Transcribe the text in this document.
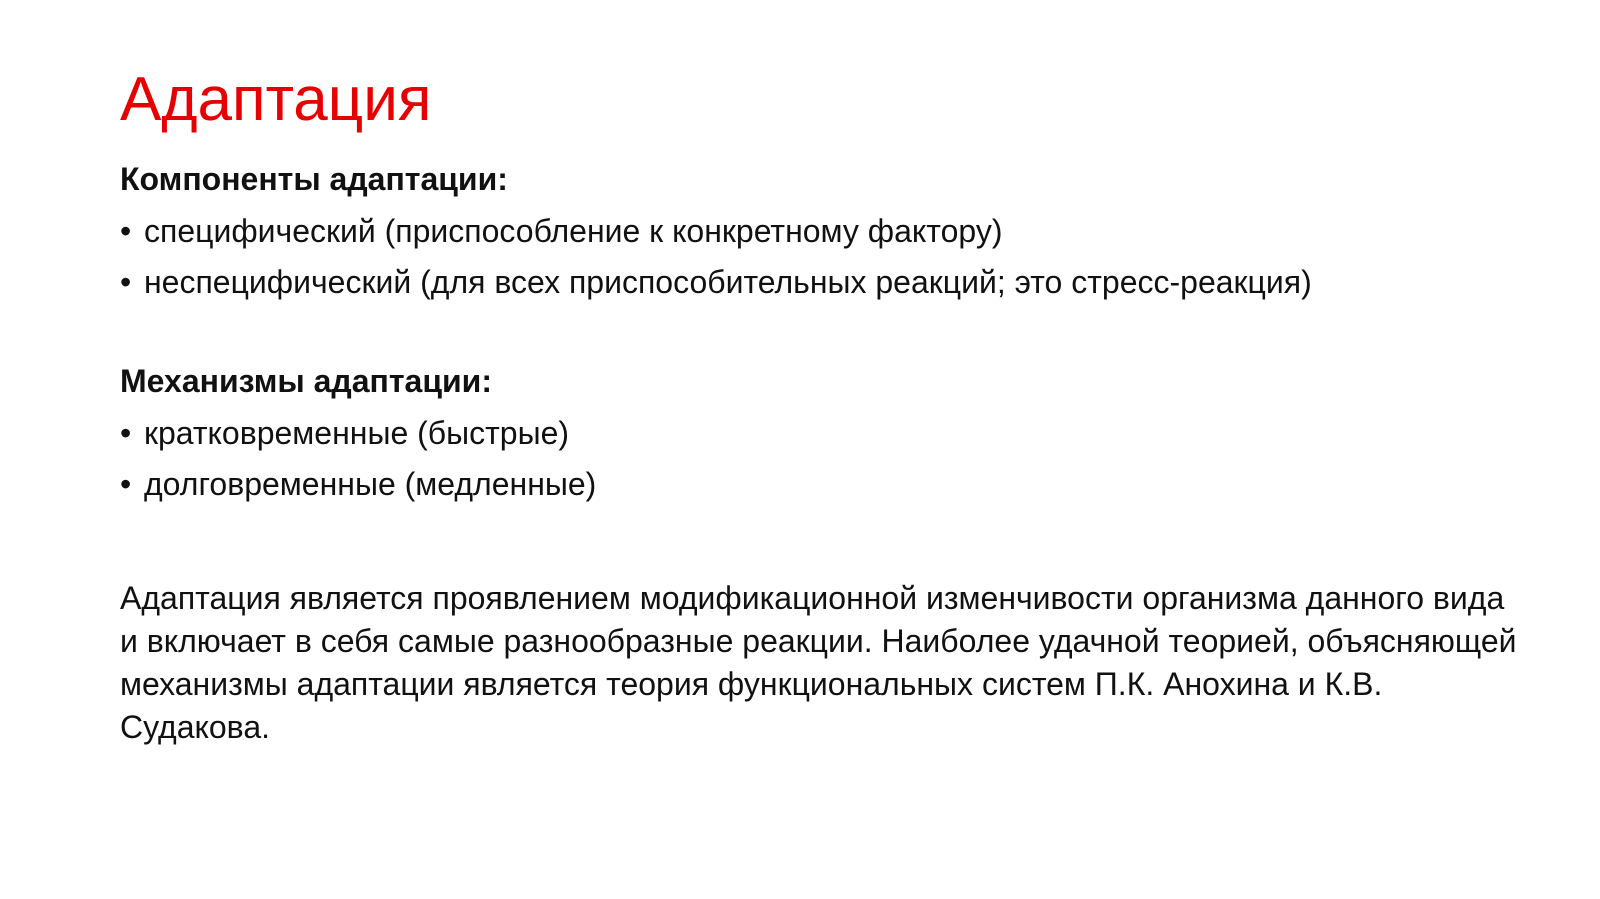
Адаптация

Компоненты адаптации:

• специфический (приспособление к конкретному фактору)
• неспецифический (для всех приспособительных реакций; это стресс-реакция)

Механизмы адаптации:

• кратковременные (быстрые)
• долговременные (медленные)

Адаптация является проявлением модификационной изменчивости организма данного вида и включает в себя самые разнообразные реакции. Наиболее удачной теорией, объясняющей механизмы адаптации является теория функциональных систем П.К. Анохина и К.В. Судакова.
